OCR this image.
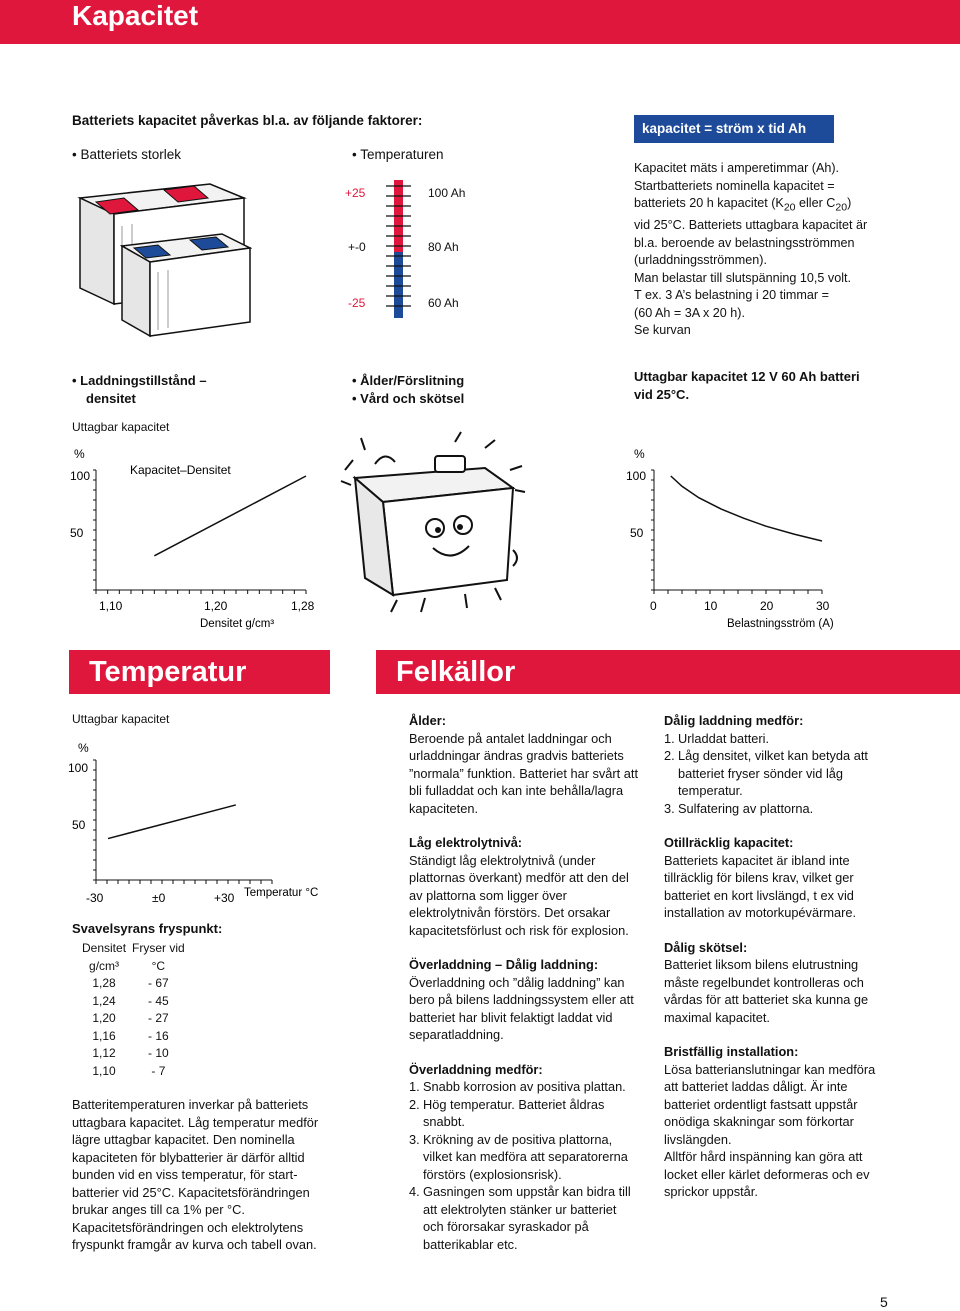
Kapacitet
Batteriets kapacitet påverkas bl.a. av följande faktorer:
• Batteriets storlek	• Temperaturen
+25
+-0
-25
100 Ah
80 Ah
60 Ah
kapacitet = ström x tid Ah
Kapacitet mäts i amperetimmar (Ah).
Startbatteriets nominella kapacitet =
batteriets 20 h kapacitet ($K_{20}$ eller $C_{20}$)
vid 25°C. Batteriets uttagbara kapacitet är
bl.a. beroende av belastningsströmmen
(urladdningsströmmen).
Man belastar till slutspänning 10,5 volt.
T ex. 3 A’s belastning i 20 timmar =
(60 Ah = 3A x 20 h).
Se kurvan
• Laddningstillstånd –
densitet
• Ålder/Förslitning
• Vård och skötsel
Uttagbar kapacitet 12 V 60 Ah batteri
vid 25°C.
Uttagbar kapacitet
%
100
50
Kapacitet–Densitet
1,10	1,20	1,28
Densitet g/cm³
%
100
50
0	10	20	30
Belastningsström (A)
Temperatur	Felkällor
Uttagbar kapacitet
%
100
50
-30	±0	+30 Temperatur °C
Svavelsyrans fryspunkt:
Densitet	Fryser vid
g/cm³	°C
1,28	- 67
1,24	- 45
1,20	- 27
1,16	- 16
1,12	- 10
1,10	- 7
Batteritemperaturen inverkar på batteriets uttagbara kapacitet. Låg temperatur medför lägre uttagbar kapacitet. Den nominella kapaciteten för blybatterier är därför alltid bunden vid en viss temperatur, för start-batterier vid 25°C. Kapacitetsförändringen brukar anges till ca 1% per °C. Kapacitetsförändringen och elektrolytens fryspunkt framgår av kurva och tabell ovan.
Ålder:

Beroende på antalet laddningar och urladdningar ändras gradvis batteriets ”normala” funktion. Batteriet har svårt att bli fulladdat och kan inte behålla/lagra kapaciteten.

Låg elektrolytnivå:

Ständigt låg elektrolytnivå (under plattornas överkant) medför att den del av plattorna som ligger över elektrolytnivån förstörs. Det orsakar kapacitetsförlust och risk för explosion.

Överladdning – Dålig laddning:

Överladdning och ”dålig laddning” kan bero på bilens laddningssystem eller att batteriet har blivit felaktigt laddat vid separatladdning.

Överladdning medför:
1. Snabb korrosion av positiva plattan.
2. Hög temperatur. Batteriet åldras snabbt.
3. Krökning av de positiva plattorna, vilket kan medföra att separatorerna förstörs (explosionsrisk).
4. Gasningen som uppstår kan bidra till att elektrolyten stänker ur batteriet och förorsakar syraskador på batterikablar etc.
Dålig laddning medför:
1. Urladdat batteri.
2. Låg densitet, vilket kan betyda att batteriet fryser sönder vid låg temperatur.
3. Sulfatering av plattorna.
Otillräcklig kapacitet:

Batteriets kapacitet är ibland inte tillräcklig för bilens krav, vilket ger batteriet en kort livslängd, t ex vid installation av motorkupévärmare.

Dålig skötsel:

Batteriet liksom bilens elutrustning måste regelbundet kontrolleras och vårdas för att batteriet ska kunna ge maximal kapacitet.

Bristfällig installation:

Lösa batterianslutningar kan medföra att batteriet laddas dåligt. Är inte batteriet ordentligt fastsatt uppstår onödiga skakningar som förkortar livslängden.

Alltför hård inspänning kan göra att locket eller kärlet deformeras och ev sprickor uppstår.

5
